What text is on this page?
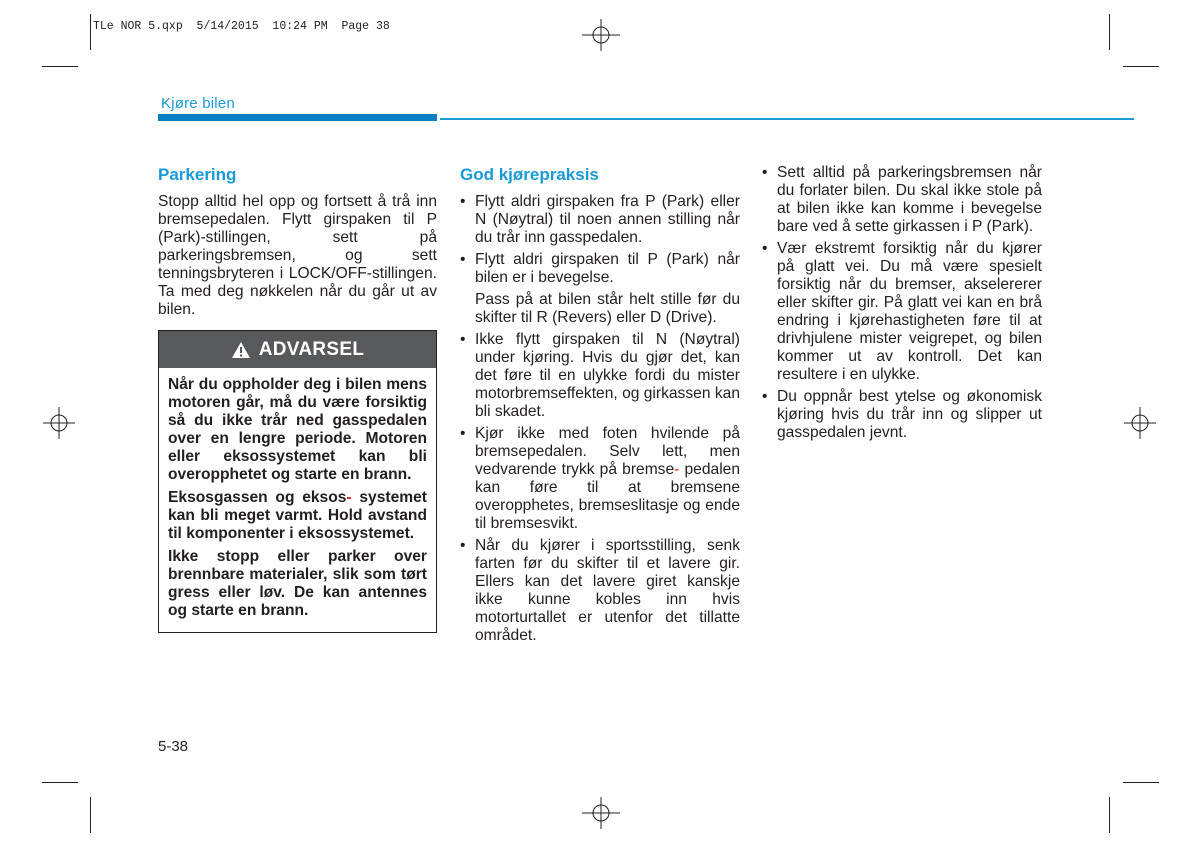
TLe NOR 5.qxp  5/14/2015  10:24 PM  Page 38
Kjøre bilen
Parkering

Stopp alltid hel opp og fortsett å trå inn bremsepedalen. Flytt girspaken til P (Park)-stillingen, sett på parkeringsbremsen, og sett tenningsbryteren i LOCK/OFF-stillingen. Ta med deg nøkkelen når du går ut av bilen.

ADVARSEL

Når du oppholder deg i bilen mens motoren går, må du være forsiktig så du ikke trår ned gasspedalen over en lengre periode. Motoren eller eksossystemet kan bli overopphetet og starte en brann.

Eksosgassen og eksos- systemet kan bli meget varmt. Hold avstand til komponenter i eksossystemet.

Ikke stopp eller parker over brennbare materialer, slik som tørt gress eller løv. De kan antennes og starte en brann.

God kjørepraksis
• Flytt aldri girspaken fra P (Park) eller N (Nøytral) til noen annen stilling når du trår inn gasspedalen.
• Flytt aldri girspaken til P (Park) når bilen er i bevegelse.
Pass på at bilen står helt stille før du skifter til R (Revers) eller D (Drive).
• Ikke flytt girspaken til N (Nøytral) under kjøring. Hvis du gjør det, kan det føre til en ulykke fordi du mister motorbremseffekten, og girkassen kan bli skadet.
• Kjør ikke med foten hvilende på bremsepedalen. Selv lett, men vedvarende trykk på bremse- pedalen kan føre til at bremsene overopphetes, bremseslitasje og ende til bremsesvikt.
• Når du kjører i sportsstilling, senk farten før du skifter til et lavere gir. Ellers kan det lavere giret kanskje ikke kunne kobles inn hvis motorturtallet er utenfor det tillatte området.
• Sett alltid på parkeringsbremsen når du forlater bilen. Du skal ikke stole på at bilen ikke kan komme i bevegelse bare ved å sette girkassen i P (Park).
• Vær ekstremt forsiktig når du kjører på glatt vei. Du må være spesielt forsiktig når du bremser, akselererer eller skifter gir. På glatt vei kan en brå endring i kjørehastigheten føre til at drivhjulene mister veigrepet, og bilen kommer ut av kontroll. Det kan resultere i en ulykke.
• Du oppnår best ytelse og økonomisk kjøring hvis du trår inn og slipper ut gasspedalen jevnt.
5-38
